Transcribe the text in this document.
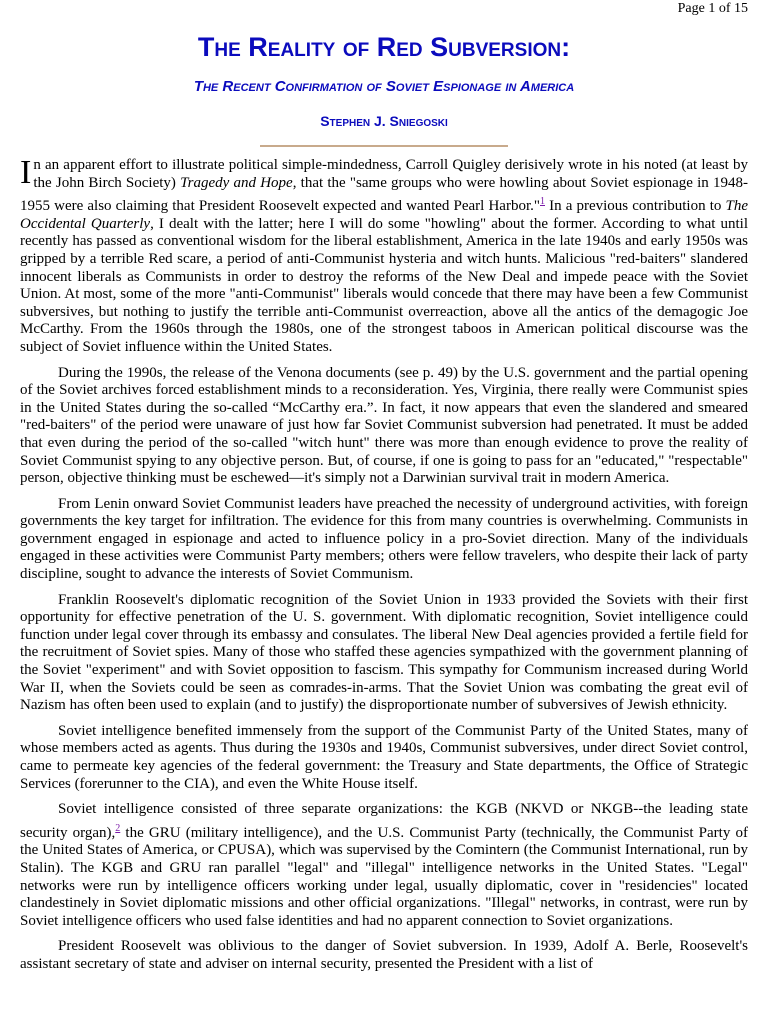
Page 1 of 15
The Reality of Red Subversion:
The Recent Confirmation of Soviet Espionage in America
Stephen J. Sniegoski

In an apparent effort to illustrate political simple-mindedness, Carroll Quigley derisively wrote in his noted (at least by the John Birch Society) Tragedy and Hope, that the "same groups who were howling about Soviet espionage in 1948-1955 were also claiming that President Roosevelt expected and wanted Pearl Harbor."$^1$ In a previous contribution to The Occidental Quarterly, I dealt with the latter; here I will do some "howling" about the former. According to what until recently has passed as conventional wisdom for the liberal establishment, America in the late 1940s and early 1950s was gripped by a terrible Red scare, a period of anti-Communist hysteria and witch hunts. Malicious "red-baiters" slandered innocent liberals as Communists in order to destroy the reforms of the New Deal and impede peace with the Soviet Union. At most, some of the more "anti-Communist" liberals would concede that there may have been a few Communist subversives, but nothing to justify the terrible anti-Communist overreaction, above all the antics of the demagogic Joe McCarthy. From the 1960s through the 1980s, one of the strongest taboos in American political discourse was the subject of Soviet influence within the United States.

During the 1990s, the release of the Venona documents (see p. 49) by the U.S. government and the partial opening of the Soviet archives forced establishment minds to a reconsideration. Yes, Virginia, there really were Communist spies in the United States during the so-called “McCarthy era.”. In fact, it now appears that even the slandered and smeared "red-baiters" of the period were unaware of just how far Soviet Communist subversion had penetrated. It must be added that even during the period of the so-called "witch hunt" there was more than enough evidence to prove the reality of Soviet Communist spying to any objective person. But, of course, if one is going to pass for an "educated," "respectable" person, objective thinking must be eschewed—it's simply not a Darwinian survival trait in modern America.

From Lenin onward Soviet Communist leaders have preached the necessity of underground activities, with foreign governments the key target for infiltration. The evidence for this from many countries is overwhelming. Communists in government engaged in espionage and acted to influence policy in a pro-Soviet direction. Many of the individuals engaged in these activities were Communist Party members; others were fellow travelers, who despite their lack of party discipline, sought to advance the interests of Soviet Communism.

Franklin Roosevelt's diplomatic recognition of the Soviet Union in 1933 provided the Soviets with their first opportunity for effective penetration of the U. S. government. With diplomatic recognition, Soviet intelligence could function under legal cover through its embassy and consulates. The liberal New Deal agencies provided a fertile field for the recruitment of Soviet spies. Many of those who staffed these agencies sympathized with the government planning of the Soviet "experiment" and with Soviet opposition to fascism. This sympathy for Communism increased during World War II, when the Soviets could be seen as comrades-in-arms. That the Soviet Union was combating the great evil of Nazism has often been used to explain (and to justify) the disproportionate number of subversives of Jewish ethnicity.

Soviet intelligence benefited immensely from the support of the Communist Party of the United States, many of whose members acted as agents. Thus during the 1930s and 1940s, Communist subversives, under direct Soviet control, came to permeate key agencies of the federal government: the Treasury and State departments, the Office of Strategic Services (forerunner to the CIA), and even the White House itself.

Soviet intelligence consisted of three separate organizations: the KGB (NKVD or NKGB--the leading state security organ),$^2$ the GRU (military intelligence), and the U.S. Communist Party (technically, the Communist Party of the United States of America, or CPUSA), which was supervised by the Comintern (the Communist International, run by Stalin). The KGB and GRU ran parallel "legal" and "illegal" intelligence networks in the United States. "Legal" networks were run by intelligence officers working under legal, usually diplomatic, cover in "residencies" located clandestinely in Soviet diplomatic missions and other official organizations. "Illegal" networks, in contrast, were run by Soviet intelligence officers who used false identities and had no apparent connection to Soviet organizations.

President Roosevelt was oblivious to the danger of Soviet subversion. In 1939, Adolf A. Berle, Roosevelt's assistant secretary of state and adviser on internal security, presented the President with a list of
